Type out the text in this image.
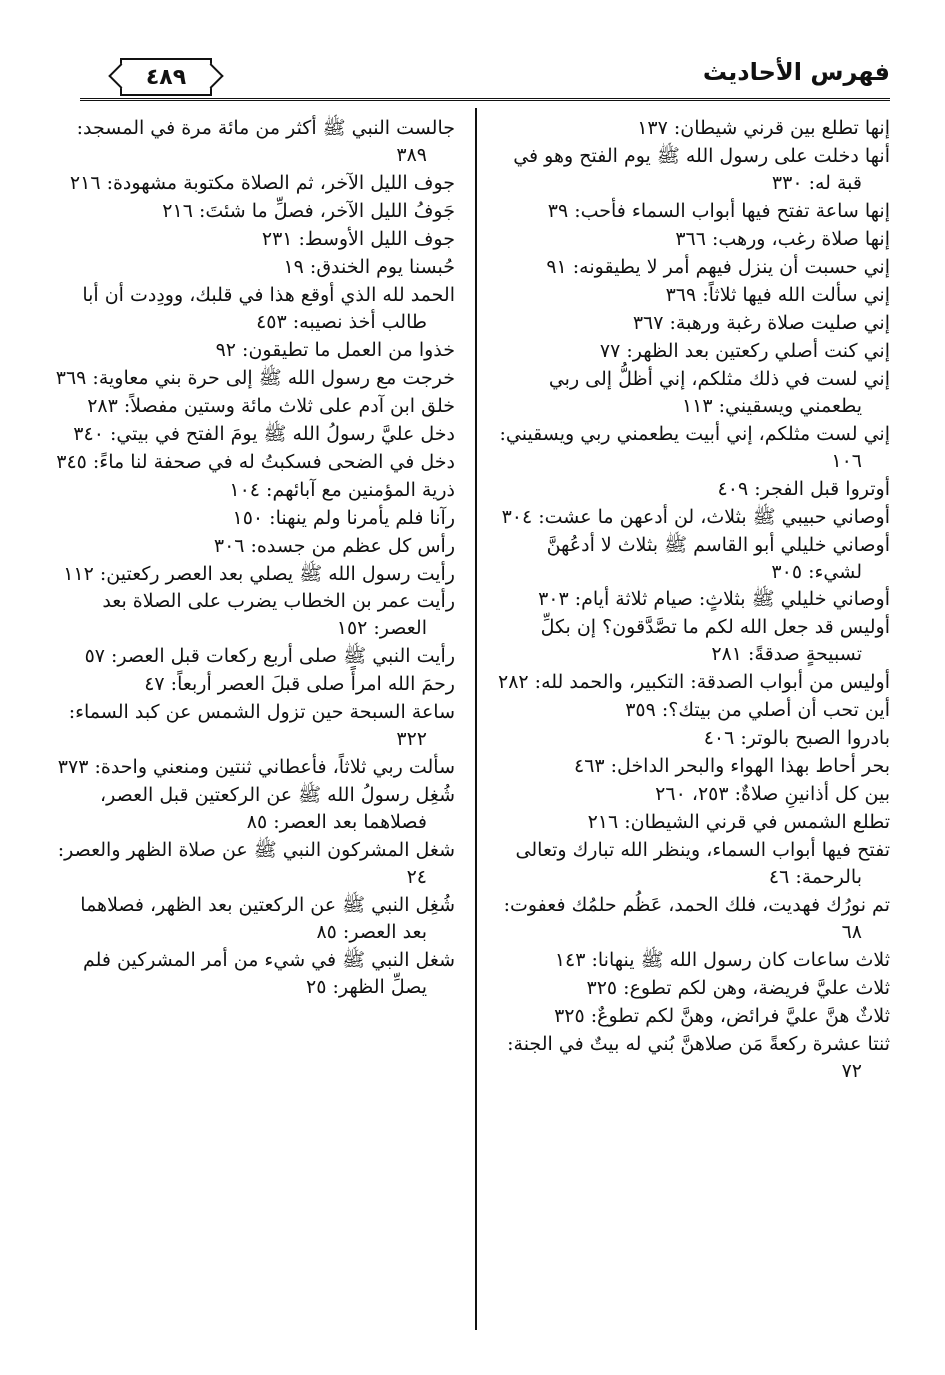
فهرس الأحاديث
٤٨٩

إنها تطلع بين قرني شيطان: ١٣٧

أنها دخلت على رسول الله ﷺ يوم الفتح وهو في قبة له: ٣٣٠

إنها ساعة تفتح فيها أبواب السماء فأحب: ٣٩

إنها صلاة رغب، ورهب: ٣٦٦

إني حسبت أن ينزل فيهم أمر لا يطيقونه: ٩١

إني سألت الله فيها ثلاثاً: ٣٦٩

إني صليت صلاة رغبة ورهبة: ٣٦٧

إني كنت أصلي ركعتين بعد الظهر: ٧٧

إني لست في ذلك مثلكم، إني أظلُّ إلى ربي يطعمني ويسقيني: ١١٣

إني لست مثلكم، إني أبيت يطعمني ربي ويسقيني: ١٠٦

أوتروا قبل الفجر: ٤٠٩

أوصاني حبيبي ﷺ بثلاث، لن أدعهن ما عشت: ٣٠٤

أوصاني خليلي أبو القاسم ﷺ بثلاث لا أدعُهنَّ لشيء: ٣٠٥

أوصاني خليلي ﷺ بثلاثٍ: صيام ثلاثة أيام: ٣٠٣

أوليس قد جعل الله لكم ما تصَّدَّقون؟ إن بكلِّ تسبيحةٍ صدقةً: ٢٨١

أوليس من أبواب الصدقة: التكبير، والحمد لله: ٢٨٢

أين تحب أن أصلي من بيتك؟: ٣٥٩

بادروا الصبح بالوتر: ٤٠٦

بحر أحاط بهذا الهواء والبحر الداخل: ٤٦٣

بين كل أذانينِ صلاةٌ: ٢٥٣، ٢٦٠

تطلع الشمس في قرني الشيطان: ٢١٦

تفتح فيها أبواب السماء، وينظر الله تبارك وتعالى بالرحمة: ٤٦

تم نورُك فهديت، فلك الحمد، عَظُم حلمُك فعفوت: ٦٨

ثلاث ساعات كان رسول الله ﷺ ينهانا: ١٤٣

ثلاث عليَّ فريضة، وهن لكم تطوع: ٣٢٥

ثلاثٌ هنَّ عليَّ فرائض، وهنَّ لكم تطوعٌ: ٣٢٥

ثنتا عشرة ركعةً مَن صلاهنَّ بُني له بيتٌ في الجنة: ٧٢

جالست النبي ﷺ أكثر من مائة مرة في المسجد: ٣٨٩

جوف الليل الآخر، ثم الصلاة مكتوبة مشهودة: ٢١٦

جَوفُ الليل الآخر، فصلِّ ما شئتَ: ٢١٦

جوف الليل الأوسط: ٢٣١

حُبسنا يوم الخندق: ١٩

الحمد لله الذي أوقع هذا في قلبك، وودِدت أن أبا طالب أخذ نصيبه: ٤٥٣

خذوا من العمل ما تطيقون: ٩٢

خرجت مع رسول الله ﷺ إلى حرة بني معاوية: ٣٦٩

خلق ابن آدم على ثلاث مائة وستين مفصلاً: ٢٨٣

دخل عليَّ رسولُ الله ﷺ يومَ الفتح في بيتي: ٣٤٠

دخل في الضحى فسكبتُ له في صحفة لنا ماءً: ٣٤٥

ذرية المؤمنين مع آبائهم: ١٠٤

رآنا فلم يأمرنا ولم ينهنا: ١٥٠

رأس كل عظم من جسده: ٣٠٦

رأيت رسول الله ﷺ يصلي بعد العصر ركعتين: ١١٢

رأيت عمر بن الخطاب يضرب على الصلاة بعد العصر: ١٥٢

رأيت النبي ﷺ صلى أربع ركعات قبل العصر: ٥٧

رحمَ الله امرأً صلى قبلَ العصر أربعاً: ٤٧

ساعة السبحة حين تزول الشمس عن كبد السماء: ٣٢٢

سألت ربي ثلاثاً، فأعطاني ثنتين ومنعني واحدة: ٣٧٣

شُغِل رسولُ الله ﷺ عن الركعتين قبل العصر، فصلاهما بعد العصر: ٨٥

شغل المشركون النبي ﷺ عن صلاة الظهر والعصر: ٢٤

شُغِل النبي ﷺ عن الركعتين بعد الظهر، فصلاهما بعد العصر: ٨٥

شغل النبي ﷺ في شيء من أمر المشركين فلم يصلِّ الظهر: ٢٥
